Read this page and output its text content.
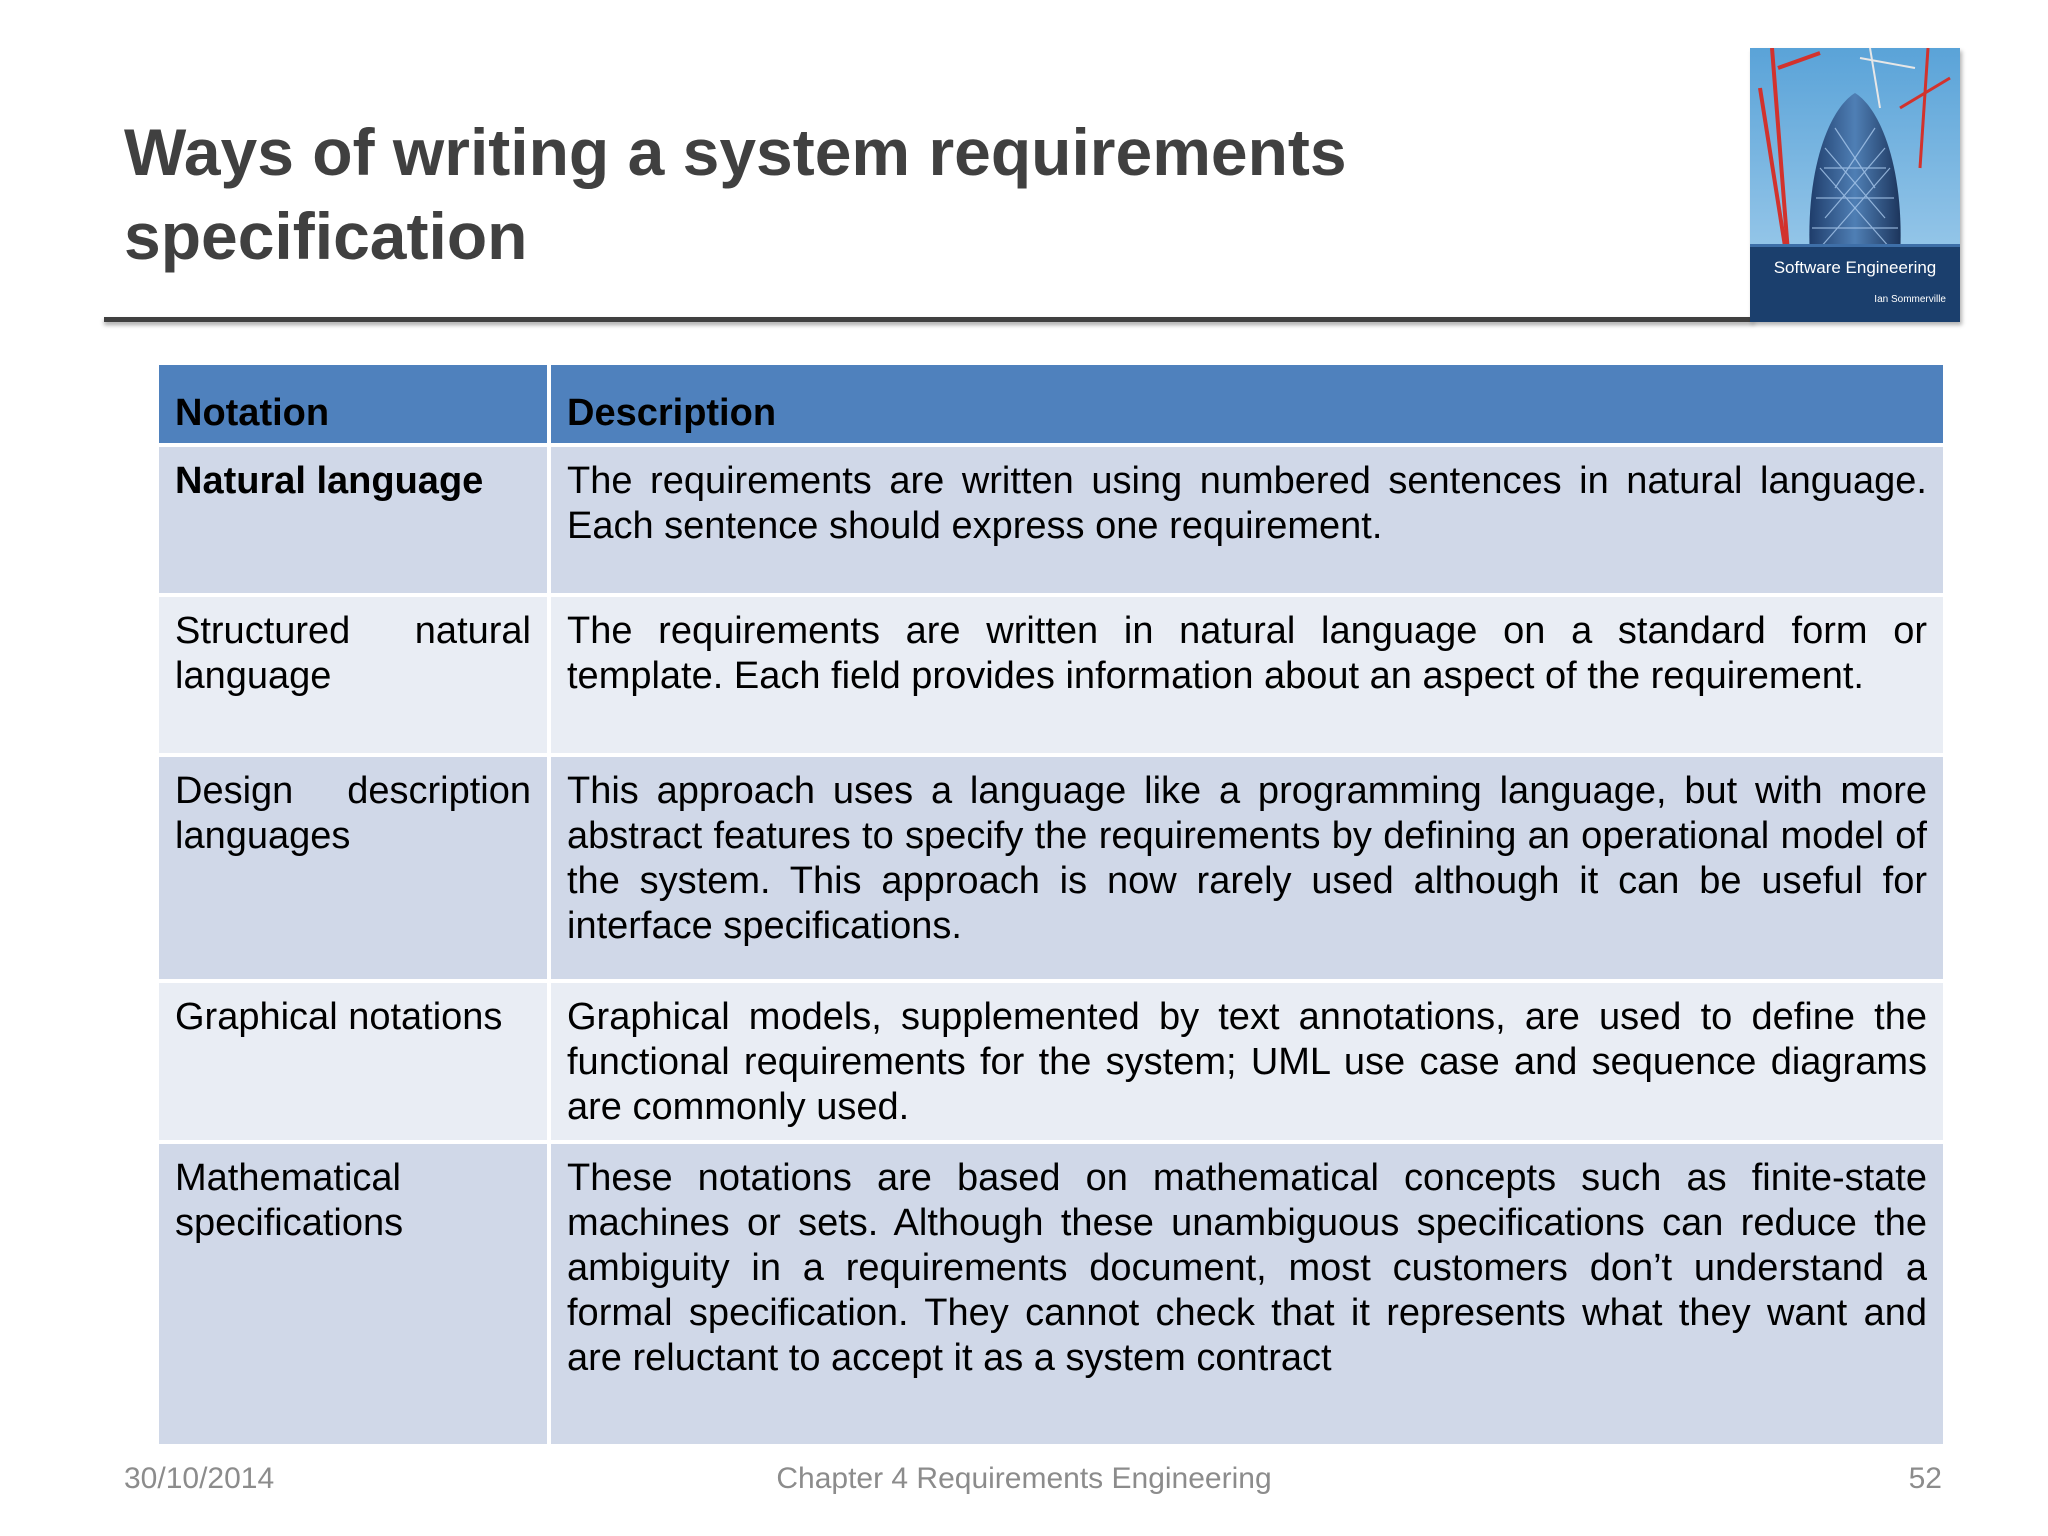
Ways of writing a system requirements specification	Software Engineering
Ian Sommerville
Notation	Description
Natural language	The requirements are written using numbered sentences in natural language. Each sentence should express one requirement.
Structured natural language	The requirements are written in natural language on a standard form or template. Each field provides information about an aspect of the requirement.
Design description languages	This approach uses a language like a programming language, but with more abstract features to specify the requirements by defining an operational model of the system. This approach is now rarely used although it can be useful for interface specifications.
Graphical notations	Graphical models, supplemented by text annotations, are used to define the functional requirements for the system; UML use case and sequence diagrams are commonly used.
Mathematical specifications	These notations are based on mathematical concepts such as finite-state machines or sets. Although these unambiguous specifications can reduce the ambiguity in a requirements document, most customers don’t understand a formal specification. They cannot check that it represents what they want and are reluctant to accept it as a system contract
30/10/2014	Chapter 4 Requirements Engineering	52
